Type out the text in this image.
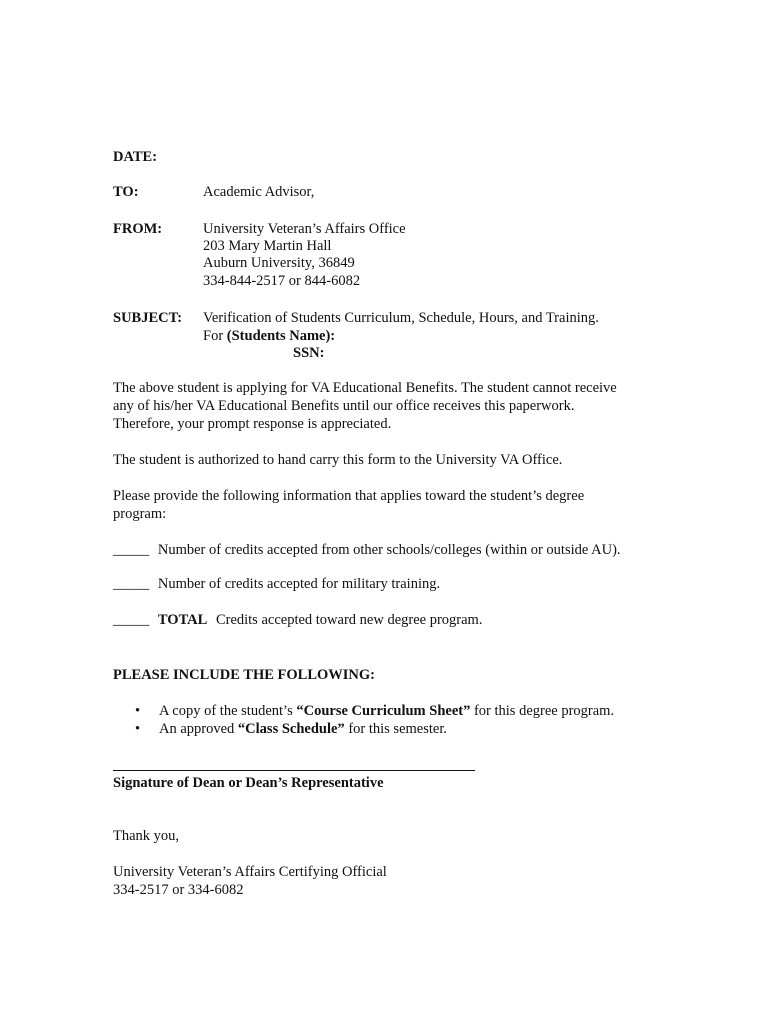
DATE:
TO:	Academic Advisor,
FROM:	University Veteran’s Affairs Office
203 Mary Martin Hall
Auburn University, 36849
334-844-2517 or 844-6082
SUBJECT: Verification of Students Curriculum, Schedule, Hours, and Training.
For (Students Name):
SSN:
The above student is applying for VA Educational Benefits. The student cannot receive
any of his/her VA Educational Benefits until our office receives this paperwork.
Therefore, your prompt response is appreciated.
The student is authorized to hand carry this form to the University VA Office.
Please provide the following information that applies toward the student’s degree
program:
_____ Number of credits accepted from other schools/colleges (within or outside AU).
_____ Number of credits accepted for military training.
_____ TOTAL Credits accepted toward new degree program.
PLEASE INCLUDE THE FOLLOWING:
• A copy of the student’s “Course Curriculum Sheet” for this degree program.
• An approved “Class Schedule” for this semester.
Signature of Dean or Dean’s Representative
Thank you,
University Veteran’s Affairs Certifying Official
334-2517 or 334-6082
